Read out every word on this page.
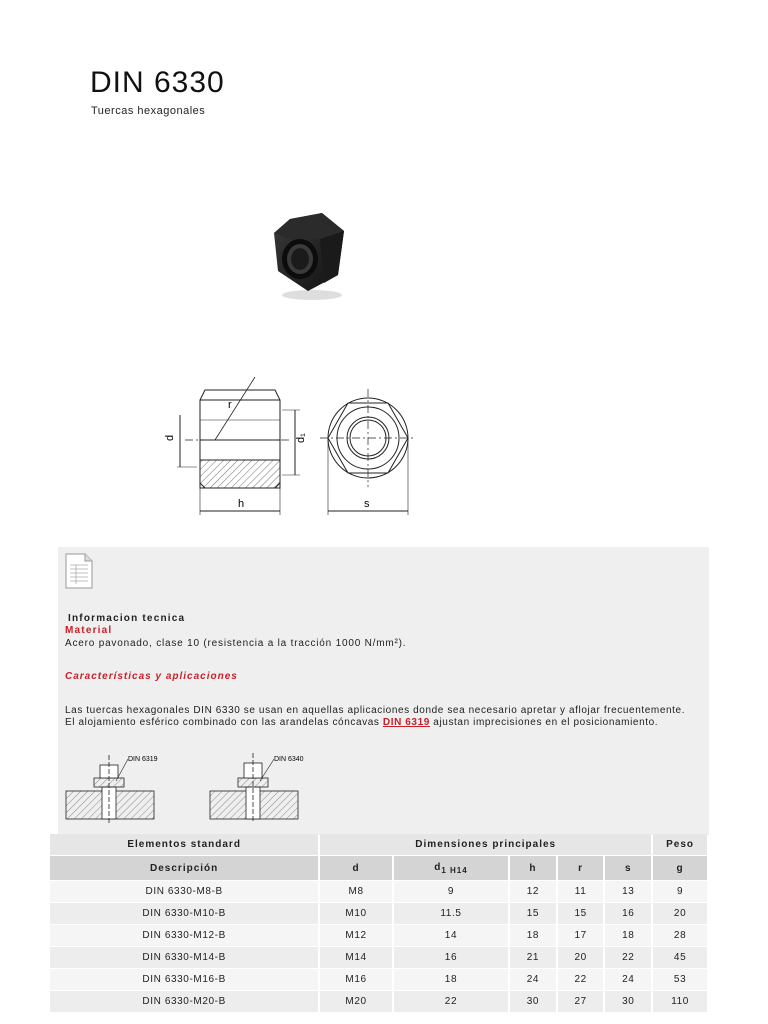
DIN 6330
Tuercas hexagonales
d	d₁
r
h	s
Informacion tecnica
Material
Acero pavonado, clase 10 (resistencia a la tracción 1000 N/mm²).
Características y aplicaciones
Las tuercas hexagonales DIN 6330 se usan en aquellas aplicaciones donde sea necesario apretar y aflojar frecuentemente.
El alojamiento esférico combinado con las arandelas cóncavas DIN 6319 ajustan imprecisiones en el posicionamiento.
DIN 6319	DIN 6340
Elementos standard	Dimensiones principales					Peso
Descripción	d	$d_{1 H14}$	h	r	s	g
DIN 6330-M8-B	M8	9	12	11	13	9
DIN 6330-M10-B	M10	11.5	15	15	16	20
DIN 6330-M12-B	M12	14	18	17	18	28
DIN 6330-M14-B	M14	16	21	20	22	45
DIN 6330-M16-B	M16	18	24	22	24	53
DIN 6330-M20-B	M20	22	30	27	30	110
